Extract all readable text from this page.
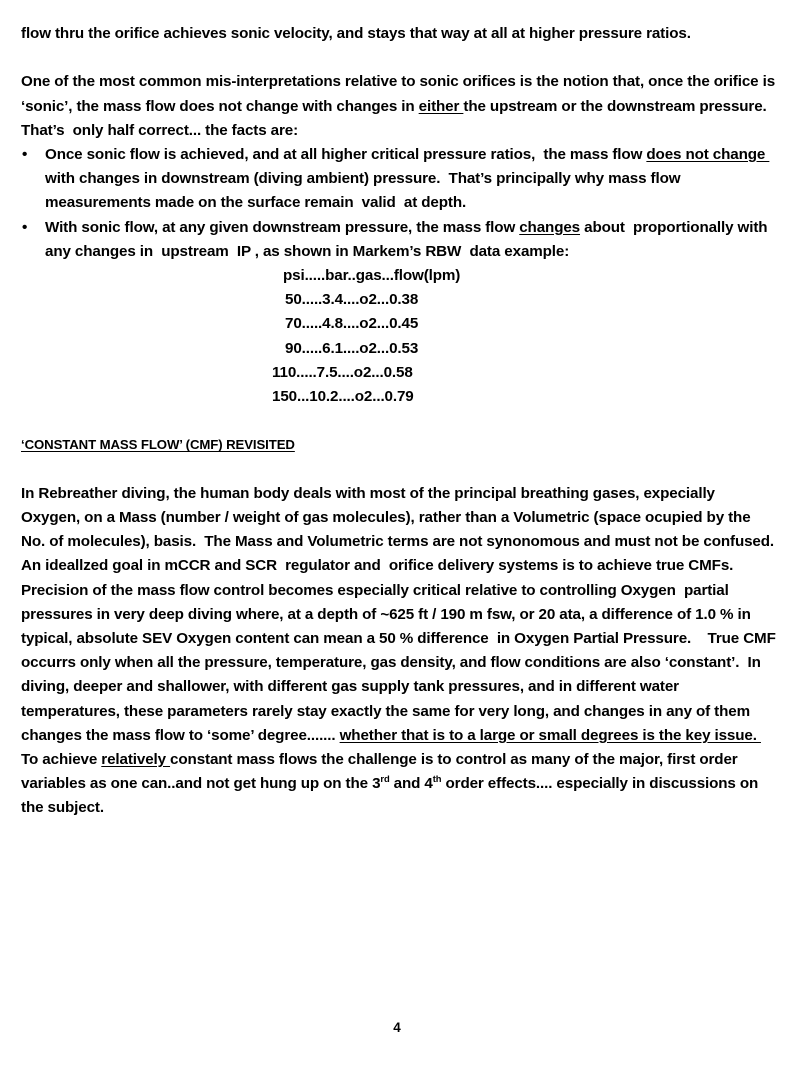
flow thru the orifice achieves sonic velocity, and stays that way at all at higher pressure ratios.

One of the most common mis-interpretations relative to sonic orifices is the notion that, once the orifice is ‘sonic’, the mass flow does not change with changes in either the upstream or the downstream pressure.  That’s  only half correct... the facts are:

• Once sonic flow is achieved, and at all higher critical pressure ratios,  the mass flow does not change with changes in downstream (diving ambient) pressure.  That’s principally why mass flow measurements made on the surface remain  valid  at depth.
• With sonic flow, at any given downstream pressure, the mass flow changes about  proportionally with any changes in  upstream  IP , as shown in Markem’s RBW  data example:
psi.....bar..gas...flow(lpm)
50.....3.4....o2...0.38
70.....4.8....o2...0.45
90.....6.1....o2...0.53
110.....7.5....o2...0.58
150...10.2....o2...0.79
‘CONSTANT MASS FLOW’ (CMF) REVISITED

In Rebreather diving, the human body deals with most of the principal breathing gases, expecially Oxygen, on a Mass (number / weight of gas molecules), rather than a Volumetric (space ocupied by the No. of molecules), basis.  The Mass and Volumetric terms are not synonomous and must not be confused.   An ideallzed goal in mCCR and SCR  regulator and  orifice delivery systems is to achieve true CMFs.  Precision of the mass flow control becomes especially critical relative to controlling Oxygen  partial pressures in very deep diving where, at a depth of ~625 ft / 190 m fsw, or 20 ata, a difference of 1.0 % in typical, absolute SEV Oxygen content can mean a 50 % difference  in Oxygen Partial Pressure.    True CMF occurrs only when all the pressure, temperature, gas density, and flow conditions are also ‘constant’.  In diving, deeper and shallower, with different gas supply tank pressures, and in different water temperatures, these parameters rarely stay exactly the same for very long, and changes in any of them changes the mass flow to ‘some’ degree....... whether that is to a large or small degrees is the key issue.  To achieve relatively constant mass flows the challenge is to control as many of the major, first order variables as one can..and not get hung up on the 3rd and 4th order effects.... especially in discussions on the subject.

4
